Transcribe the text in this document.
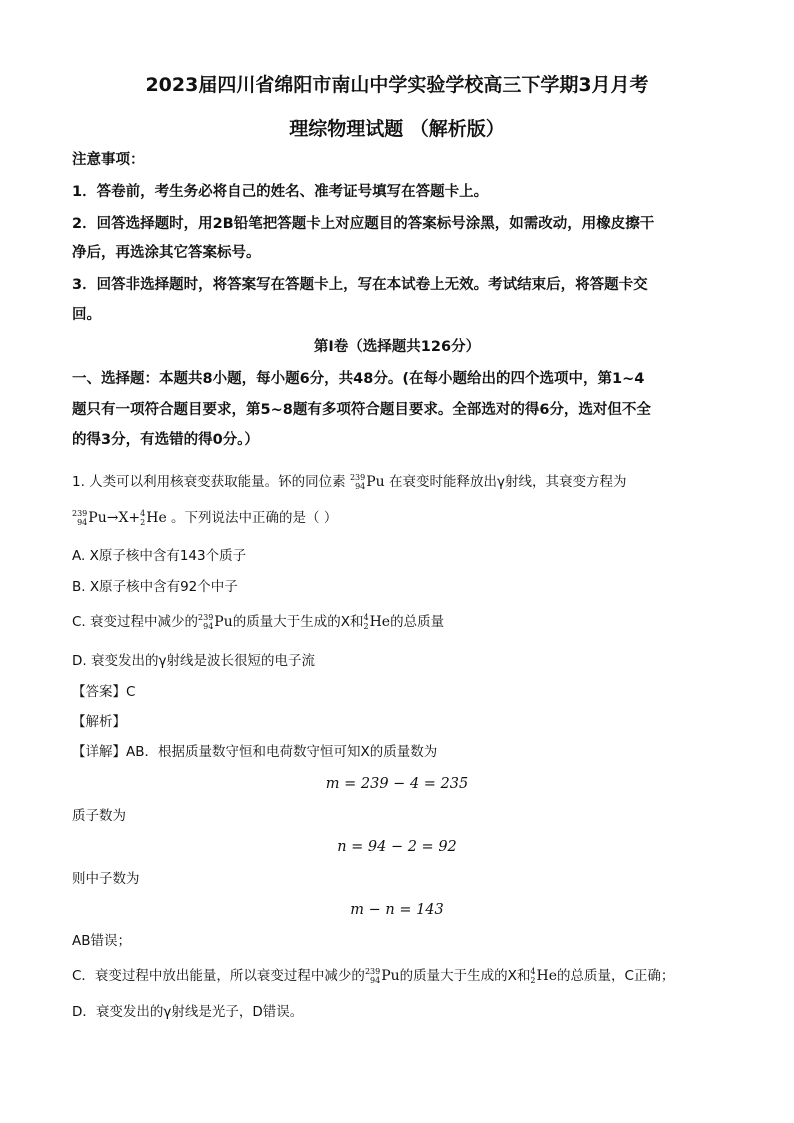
2023届四川省绵阳市南山中学实验学校高三下学期3月月考
理综物理试题 （解析版）
注意事项：
1．答卷前，考生务必将自己的姓名、准考证号填写在答题卡上。
2．回答选择题时，用2B铅笔把答题卡上对应题目的答案标号涂黑，如需改动，用橡皮擦干
净后，再选涂其它答案标号。
3．回答非选择题时，将答案写在答题卡上，写在本试卷上无效。考试结束后，将答题卡交
回。
第Ⅰ卷（选择题共126分）
一、选择题：本题共8小题，每小题6分，共48分。(在每小题给出的四个选项中，第1~4
题只有一项符合题目要求，第5~8题有多项符合题目要求。全部选对的得6分，选对但不全
的得3分，有选错的得0分。）
1. 人类可以利用核衰变获取能量。钚的同位素 239
94 Pu 在衰变时能释放出γ射线，其衰变方程为
239
94 Pu→X+ 4
2 He 。下列说法中正确的是（ ）
A. X原子核中含有143个质子
B. X原子核中含有92个中子
C. 衰变过程中减少的 239
94 Pu的质量大于生成的X和 4
2 He的总质量
D. 衰变发出的γ射线是波长很短的电子流
【答案】C
【解析】
【详解】AB．根据质量数守恒和电荷数守恒可知X的质量数为
m = 239 − 4 = 235
质子数为
n = 94 − 2 = 92
则中子数为
m − n = 143
AB错误；
C．衰变过程中放出能量，所以衰变过程中减少的 239
94 Pu的质量大于生成的X和 4
2 He的总质量，C正确；
D．衰变发出的γ射线是光子，D错误。
